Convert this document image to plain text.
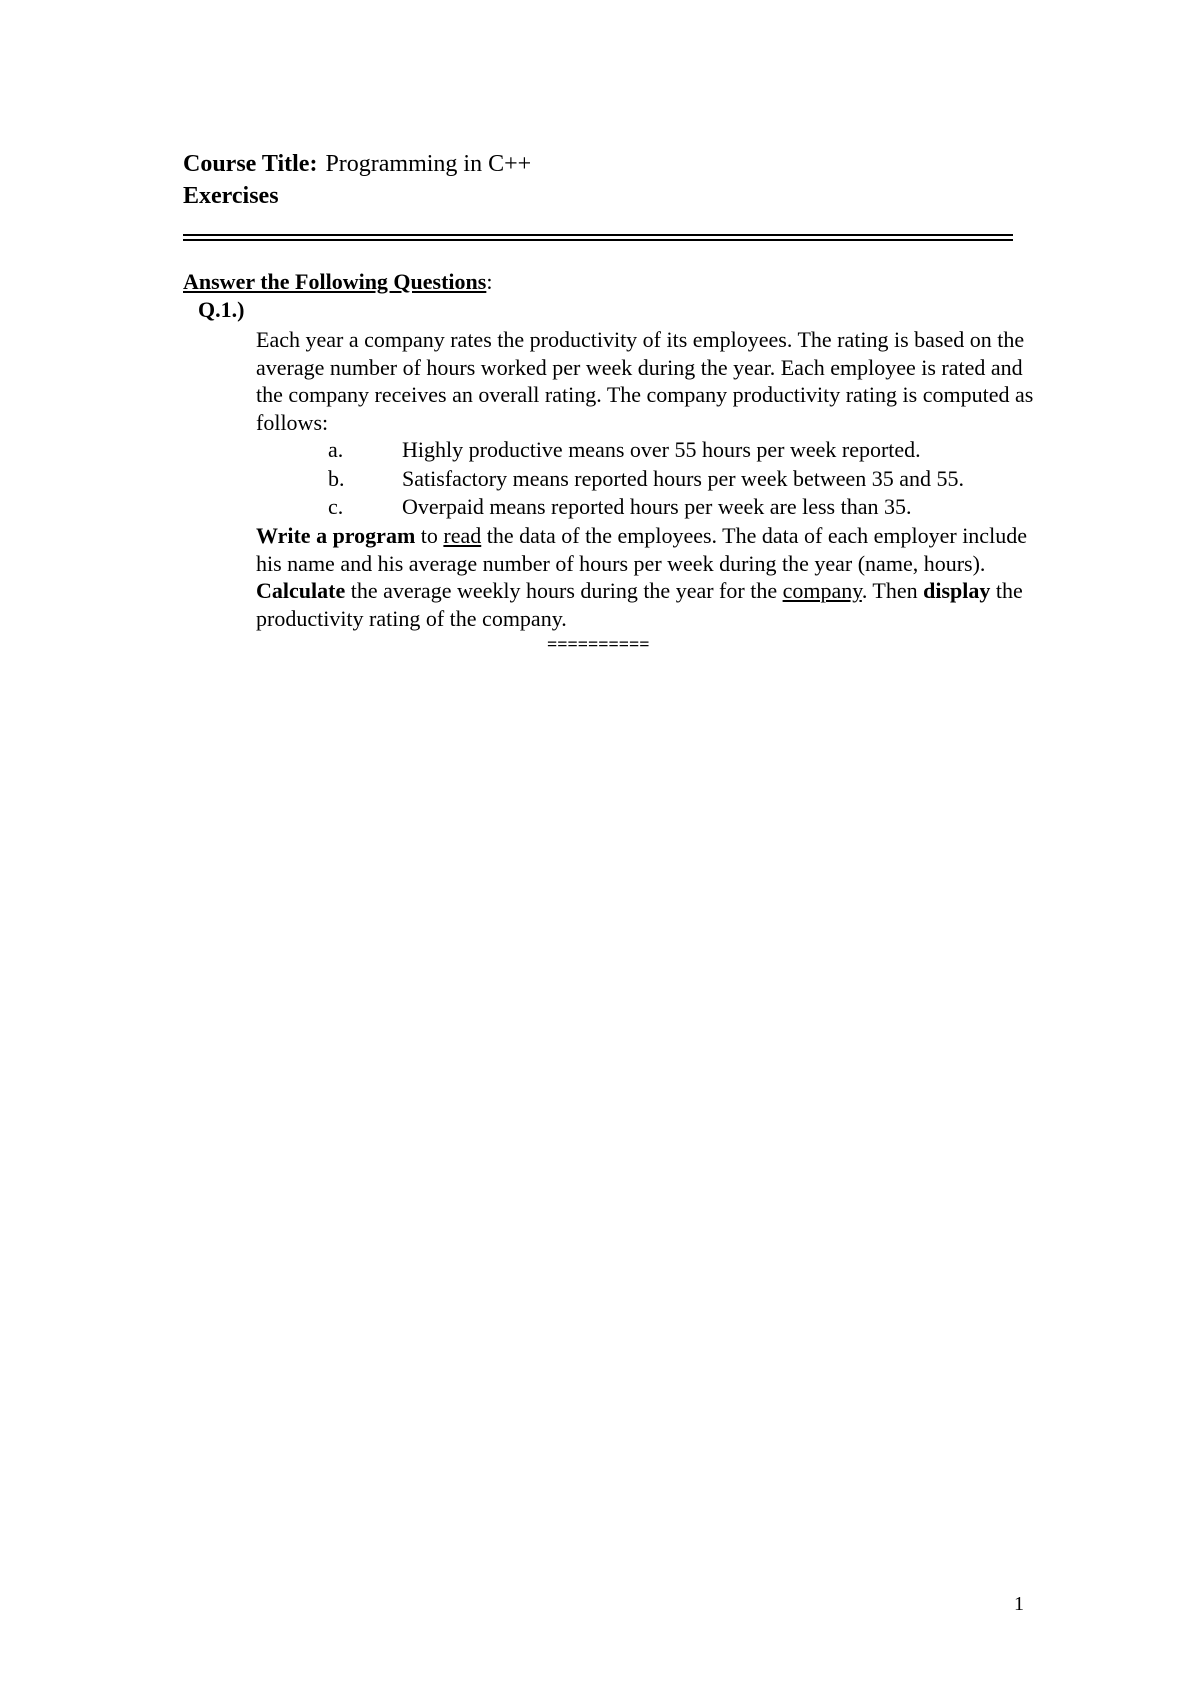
Course Title: Programming in C++
Exercises
Answer the Following Questions:
Q.1.)
Each year a company rates the productivity of its employees. The rating is based on the average number of hours worked per week during the year. Each employee is rated and the company receives an overall rating. The company productivity rating is computed as follows:
a.	Highly productive means over 55 hours per week reported.
b.	Satisfactory means reported hours per week between 35 and 55.
c.	Overpaid means reported hours per week are less than 35.
Write a program to read the data of the employees. The data of each employer include his name and his average number of hours per week during the year (name, hours). Calculate the average weekly hours during the year for the company. Then display the productivity rating of the company.
==========
1
